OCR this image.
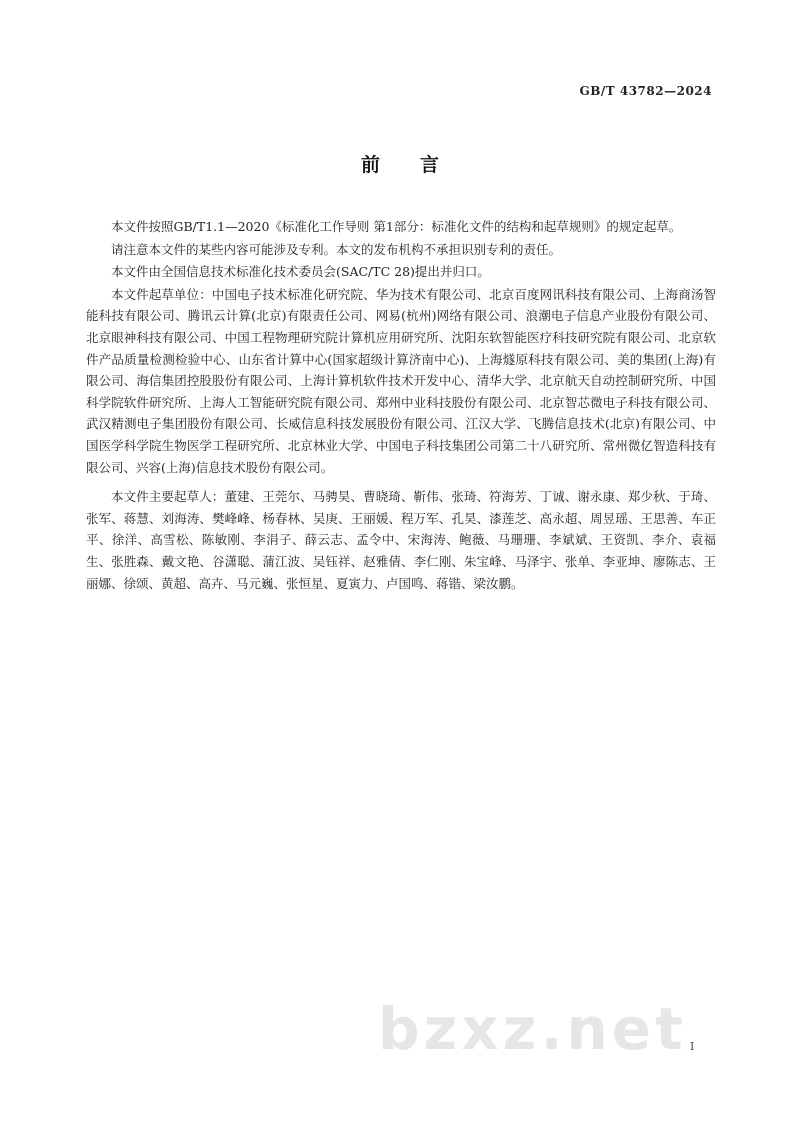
GB/T 43782—2024
前言

本文件按照GB/T1.1—2020《标准化工作导则 第1部分：标准化文件的结构和起草规则》的规定起草。

请注意本文件的某些内容可能涉及专利。本文的发布机构不承担识别专利的责任。

本文件由全国信息技术标准化技术委员会(SAC/TC 28)提出并归口。

本文件起草单位：中国电子技术标准化研究院、华为技术有限公司、北京百度网讯科技有限公司、上海商汤智能科技有限公司、腾讯云计算(北京)有限责任公司、网易(杭州)网络有限公司、浪潮电子信息产业股份有限公司、北京眼神科技有限公司、中国工程物理研究院计算机应用研究所、沈阳东软智能医疗科技研究院有限公司、北京软件产品质量检测检验中心、山东省计算中心(国家超级计算济南中心)、上海燧原科技有限公司、美的集团(上海)有限公司、海信集团控股股份有限公司、上海计算机软件技术开发中心、清华大学、北京航天自动控制研究所、中国科学院软件研究所、上海人工智能研究院有限公司、郑州中业科技股份有限公司、北京智芯微电子科技有限公司、武汉精测电子集团股份有限公司、长威信息科技发展股份有限公司、江汉大学、飞腾信息技术(北京)有限公司、中国医学科学院生物医学工程研究所、北京林业大学、中国电子科技集团公司第二十八研究所、常州微亿智造科技有限公司、兴容(上海)信息技术股份有限公司。

本文件主要起草人：董建、王莞尔、马骋昊、曹晓琦、靳伟、张琦、符海芳、丁诚、谢永康、郑少秋、于琦、张军、蒋慧、刘海涛、樊峰峰、杨春林、吴庚、王丽媛、程万军、孔昊、漆莲芝、高永超、周昱瑶、王思善、车正平、徐洋、高雪松、陈敏刚、李涓子、薛云志、孟令中、宋海涛、鲍薇、马珊珊、李斌斌、王资凯、李介、袁福生、张胜森、戴文艳、谷潇聪、蒲江波、吴钰祥、赵雅倩、李仁刚、朱宝峰、马泽宇、张单、李亚坤、廖陈志、王丽娜、徐颂、黄超、高卉、马元巍、张恒星、夏寅力、卢国鸣、蒋锴、梁汝鹏。

I
bzxz.net
